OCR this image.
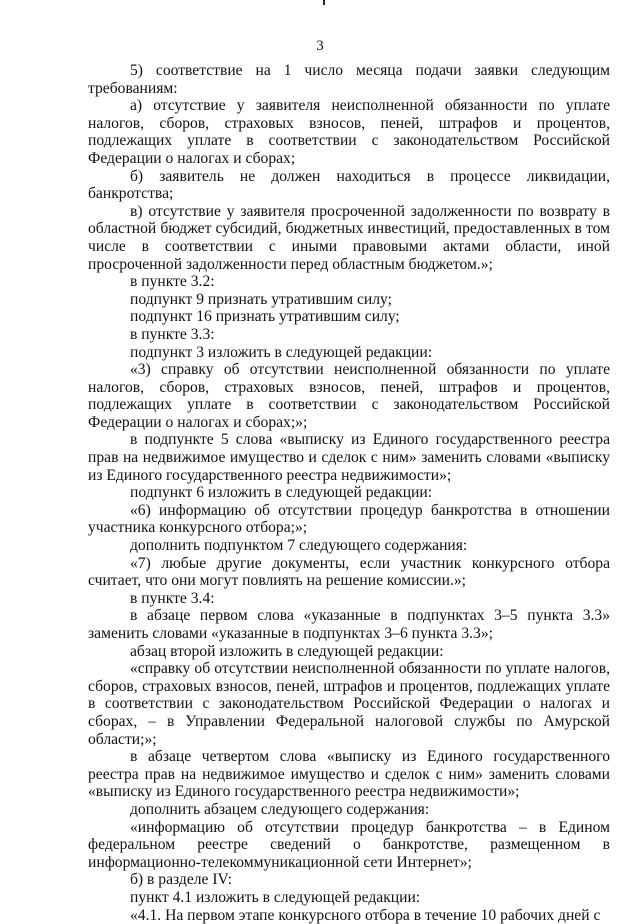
3

5) соответствие на 1 число месяца подачи заявки следующим требованиям:

а) отсутствие у заявителя неисполненной обязанности по уплате налогов, сборов, страховых взносов, пеней, штрафов и процентов, подлежащих уплате в соответствии с законодательством Российской Федерации о налогах и сборах;

б) заявитель не должен находиться в процессе ликвидации, банкротства;

в) отсутствие у заявителя просроченной задолженности по возврату в областной бюджет субсидий, бюджетных инвестиций, предоставленных в том числе в соответствии с иными правовыми актами области, иной просроченной задолженности перед областным бюджетом.»;

в пункте 3.2:

подпункт 9 признать утратившим силу;

подпункт 16 признать утратившим силу;

в пункте 3.3:

подпункт 3 изложить в следующей редакции:

«3) справку об отсутствии неисполненной обязанности по уплате налогов, сборов, страховых взносов, пеней, штрафов и процентов, подлежащих уплате в соответствии с законодательством Российской Федерации о налогах и сборах;»;

в подпункте 5 слова «выписку из Единого государственного реестра прав на недвижимое имущество и сделок с ним» заменить словами «выписку из Единого государственного реестра недвижимости»;

подпункт 6 изложить в следующей редакции:

«6) информацию об отсутствии процедур банкротства в отношении участника конкурсного отбора;»;

дополнить подпунктом 7 следующего содержания:

«7) любые другие документы, если участник конкурсного отбора считает, что они могут повлиять на решение комиссии.»;

в пункте 3.4:

в абзаце первом слова «указанные в подпунктах 3–5 пункта 3.3» заменить словами «указанные в подпунктах 3–6 пункта 3.3»;

абзац второй изложить в следующей редакции:

«справку об отсутствии неисполненной обязанности по уплате налогов, сборов, страховых взносов, пеней, штрафов и процентов, подлежащих уплате в соответствии с законодательством Российской Федерации о налогах и сборах, – в Управлении Федеральной налоговой службы по Амурской области;»;

в абзаце четвертом слова «выписку из Единого государственного реестра прав на недвижимое имущество и сделок с ним» заменить словами «выписку из Единого государственного реестра недвижимости»;

дополнить абзацем следующего содержания:

«информацию об отсутствии процедур банкротства – в Едином федеральном реестре сведений о банкротстве, размещенном в информационно-телекоммуникационной сети Интернет»;

б) в разделе IV:

пункт 4.1 изложить в следующей редакции:

«4.1. На первом этапе конкурсного отбора в течение 10 рабочих дней с
